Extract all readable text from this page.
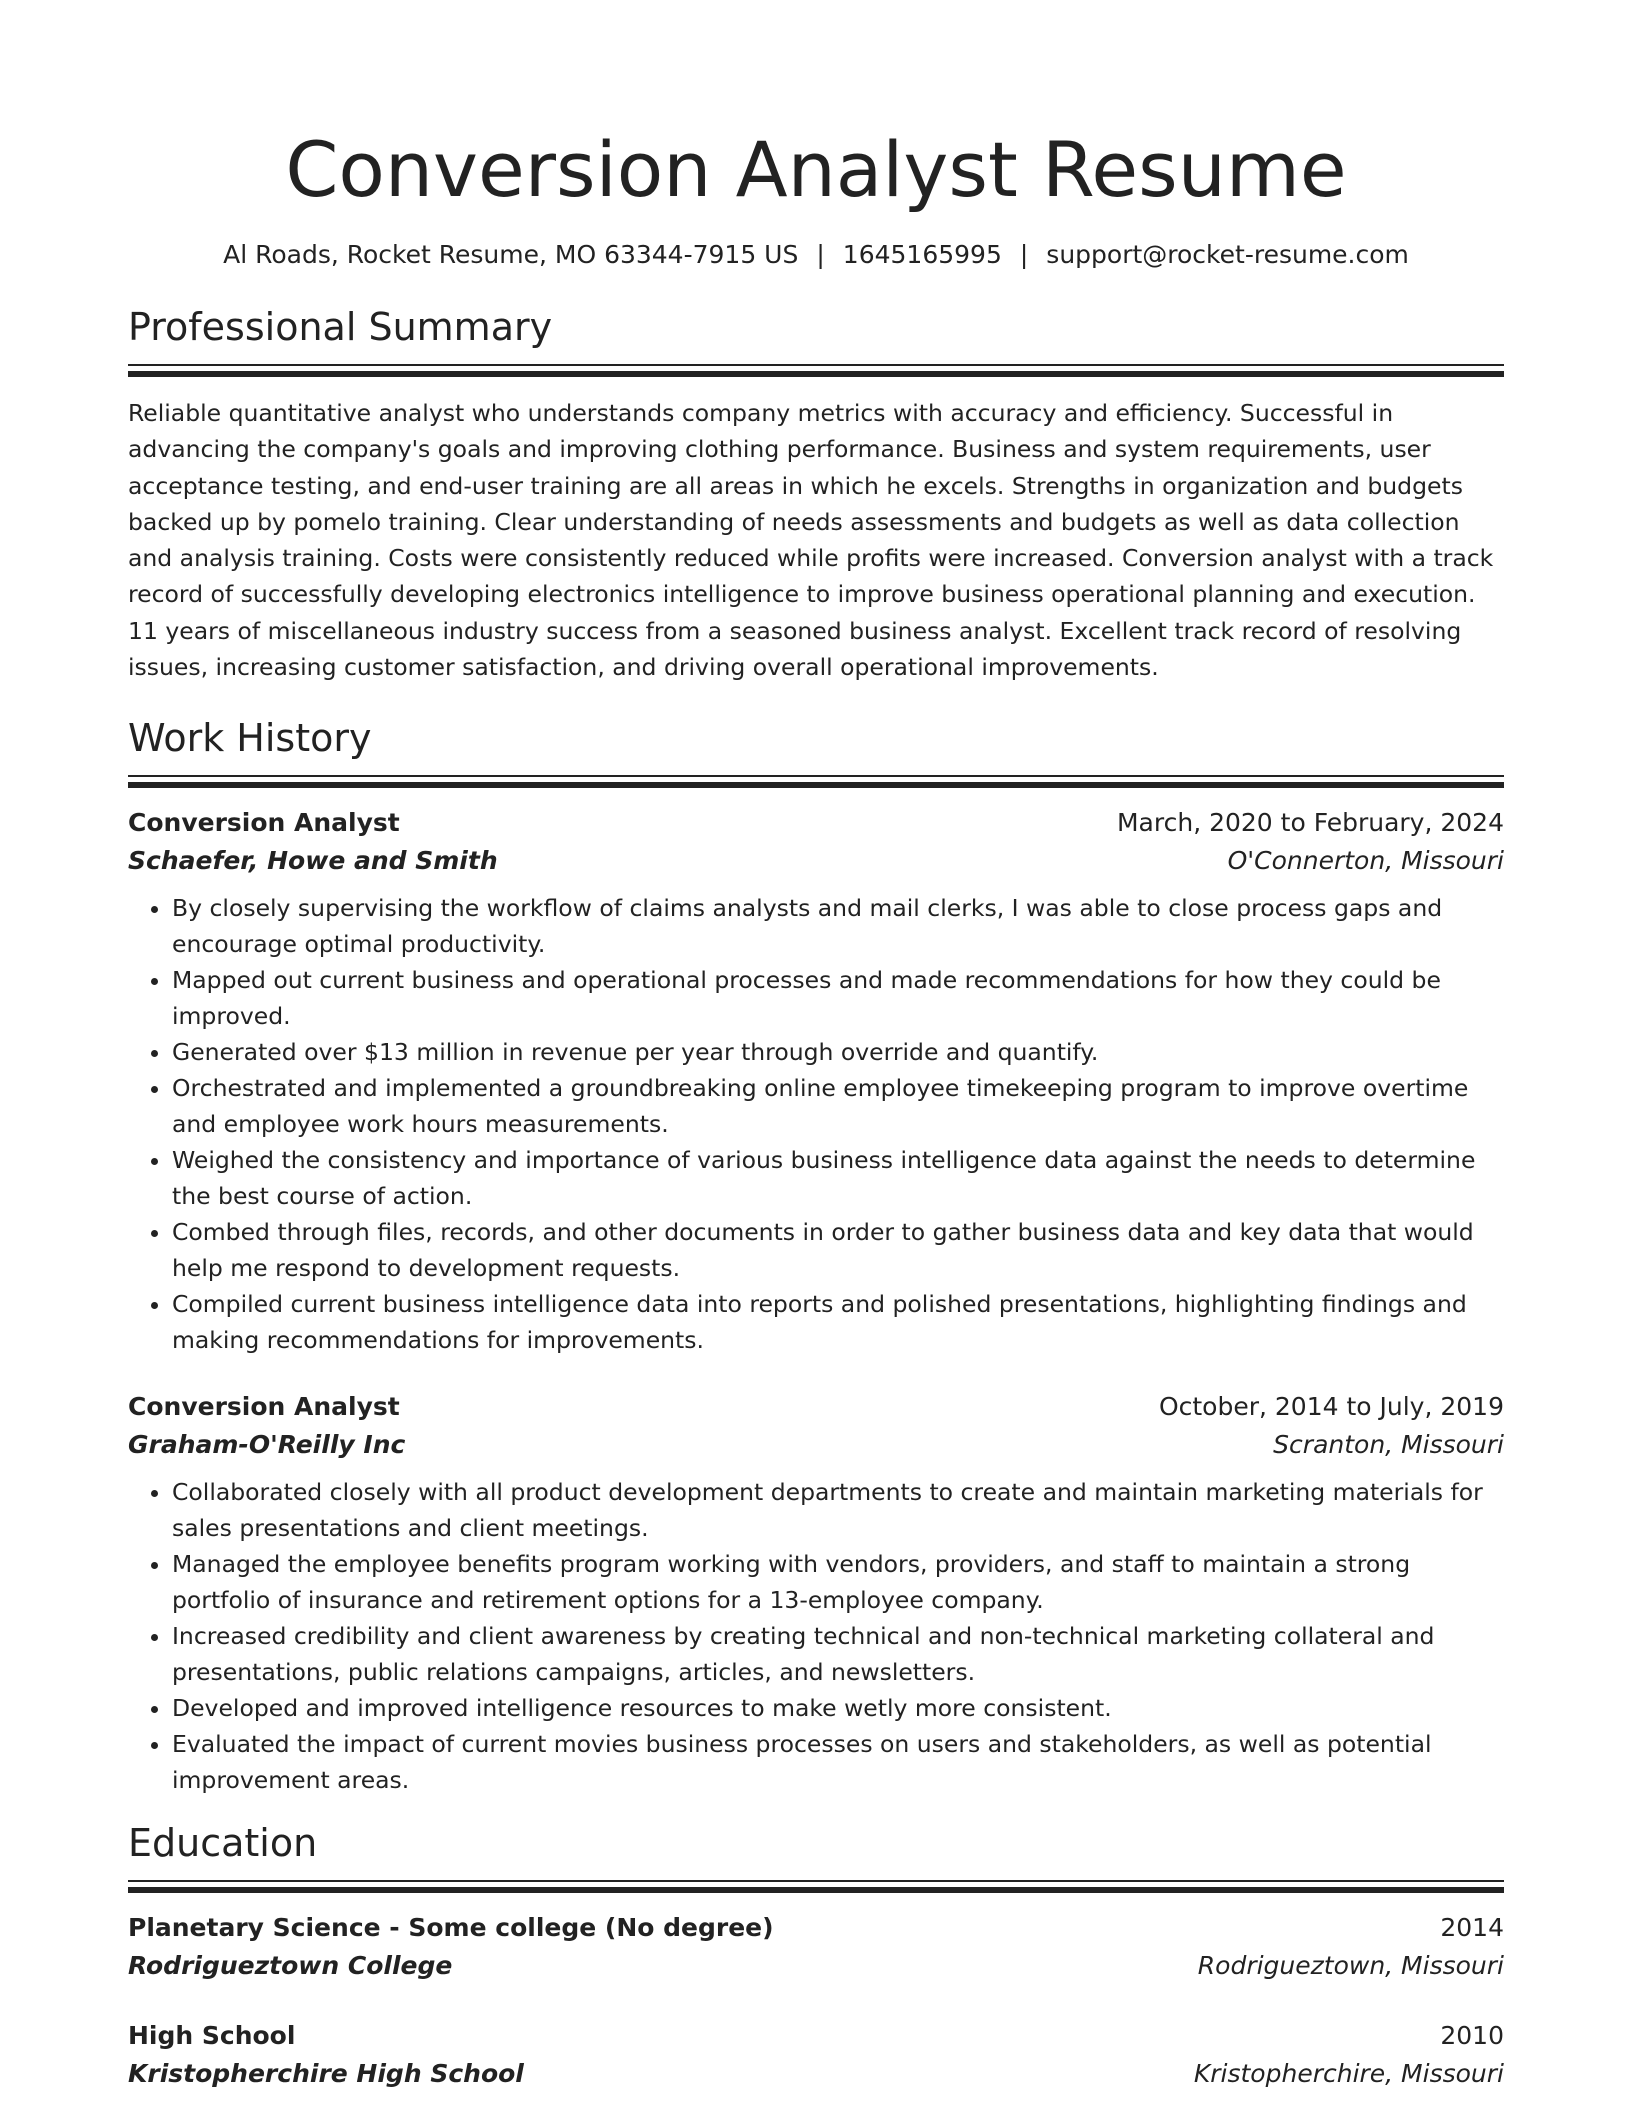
Conversion Analyst Resume
Al Roads, Rocket Resume, MO 63344-7915 US | 1645165995 | support@rocket-resume.com
Professional Summary
Reliable quantitative analyst who understands company metrics with accuracy and efficiency. Successful in advancing the company's goals and improving clothing performance. Business and system requirements, user acceptance testing, and end-user training are all areas in which he excels. Strengths in organization and budgets backed up by pomelo training. Clear understanding of needs assessments and budgets as well as data collection and analysis training. Costs were consistently reduced while profits were increased. Conversion analyst with a track record of successfully developing electronics intelligence to improve business operational planning and execution. 11 years of miscellaneous industry success from a seasoned business analyst. Excellent track record of resolving issues, increasing customer satisfaction, and driving overall operational improvements.
Work History
Conversion Analyst	March, 2020 to February, 2024
Schaefer, Howe and Smith	O'Connerton, Missouri
• By closely supervising the workflow of claims analysts and mail clerks, I was able to close process gaps and encourage optimal productivity.
• Mapped out current business and operational processes and made recommendations for how they could be improved.
• Generated over $13 million in revenue per year through override and quantify.
• Orchestrated and implemented a groundbreaking online employee timekeeping program to improve overtime and employee work hours measurements.
• Weighed the consistency and importance of various business intelligence data against the needs to determine the best course of action.
• Combed through files, records, and other documents in order to gather business data and key data that would help me respond to development requests.
• Compiled current business intelligence data into reports and polished presentations, highlighting findings and making recommendations for improvements.
Conversion Analyst	October, 2014 to July, 2019
Graham-O'Reilly Inc	Scranton, Missouri
• Collaborated closely with all product development departments to create and maintain marketing materials for sales presentations and client meetings.
• Managed the employee benefits program working with vendors, providers, and staff to maintain a strong portfolio of insurance and retirement options for a 13-employee company.
• Increased credibility and client awareness by creating technical and non-technical marketing collateral and presentations, public relations campaigns, articles, and newsletters.
• Developed and improved intelligence resources to make wetly more consistent.
• Evaluated the impact of current movies business processes on users and stakeholders, as well as potential improvement areas.
Education
Planetary Science - Some college (No degree)	2014
Rodrigueztown College	Rodrigueztown, Missouri
High School	2010
Kristopherchire High School	Kristopherchire, Missouri
